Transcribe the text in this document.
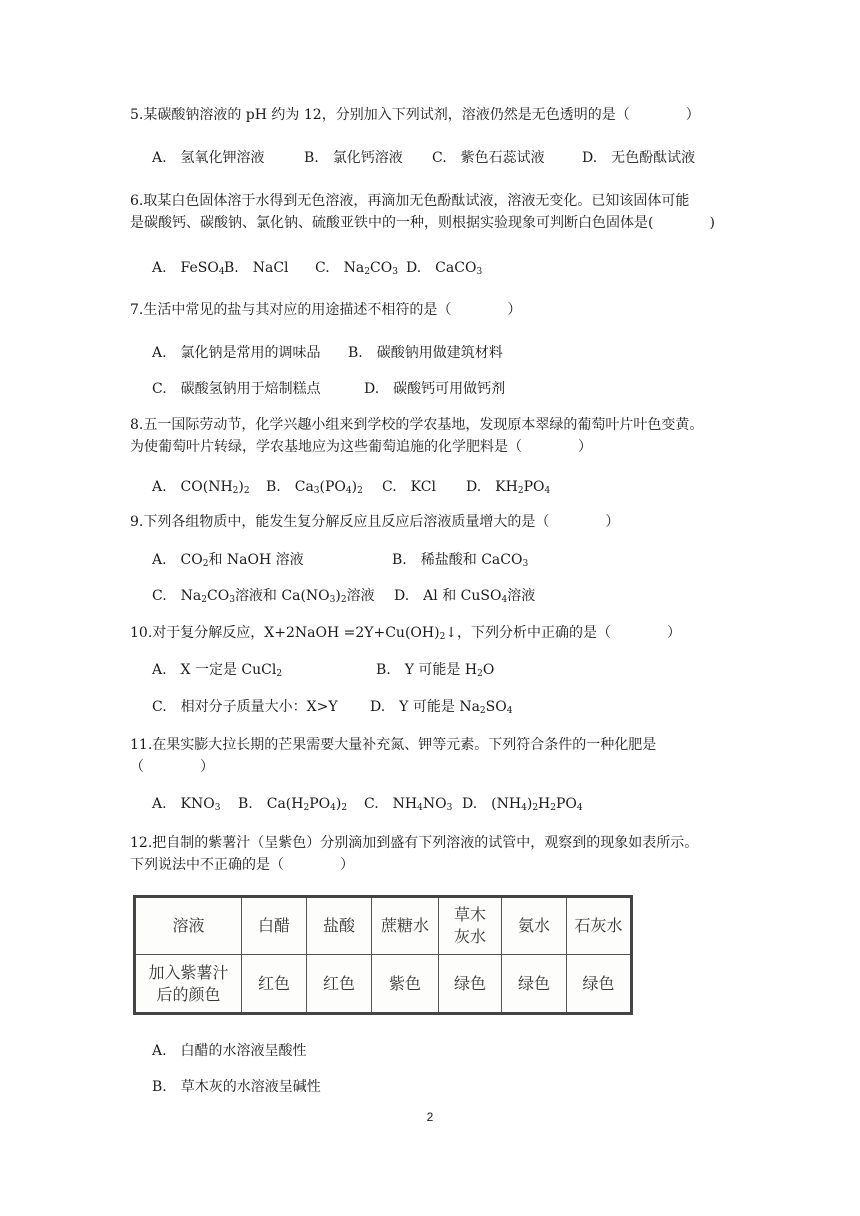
5.某碳酸钠溶液的 pH 约为 12，分别加入下列试剂，溶液仍然是无色透明的是（　　　　）
A.　氢氧化钾溶液	B.　氯化钙溶液 C.　紫色石蕊试液	D.　无色酚酞试液
6.取某白色固体溶于水得到无色溶液，再滴加无色酚酞试液，溶液无变化。已知该固体可能
是碳酸钙、碳酸钠、氯化钠、硫酸亚铁中的一种，则根据实验现象可判断白色固体是(　　　　)
A.　FeSO$_4$ B.　NaCl C.　$Na_2CO_3$ D.　CaCO$_3$
7.生活中常见的盐与其对应的用途描述不相符的是（　　　　）
A.　氯化钠是常用的调味品 B.　碳酸钠用做建筑材料
C.　碳酸氢钠用于焙制糕点	D.　碳酸钙可用做钙剂
8.五一国际劳动节，化学兴趣小组来到学校的学农基地，发现原本翠绿的葡萄叶片叶色变黄。
为使葡萄叶片转绿，学农基地应为这些葡萄追施的化学肥料是（　　　　）
A.　$CO(NH_2)_2$ B.　$Ca_3(PO_4)_2$ C.　KCl D.　$KH_2PO_4$
9.下列各组物质中，能发生复分解反应且反应后溶液质量增大的是（　　　　）
A.　$CO_2$和 NaOH 溶液	B.　稀盐酸和 CaCO$_3$
C.　$Na_2CO_3$溶液和 $Ca(NO_3)_2$溶液 D.　Al 和 CuSO$_4$溶液
10.对于复分解反应，X+2NaOH $=2Y+Cu(OH)_2↓$，下列分析中正确的是（　　　　）
A.　X 一定是 CuCl$_2$	B.　Y 可能是 $H_2O$
C.　相对分子质量大小：X>Y D.　Y 可能是 $Na_2SO_4$
11.在果实膨大拉长期的芒果需要大量补充氮、钾等元素。下列符合条件的一种化肥是
（　　　　）
A.　$KNO_3$ B.　$Ca(H_2PO_4)_2$ C.　$NH_4NO_3$ D.　$(NH_4)_2H_2PO_4$
12.把自制的紫薯汁（呈紫色）分别滴加到盛有下列溶液的试管中，观察到的现象如表所示。
下列说法中不正确的是（　　　　）
溶液	白醋	盐酸	蔗糖水	草木
灰水	氨水	石灰水
加入紫薯汁
后的颜色	红色	红色	紫色	绿色	绿色	绿色
A.　白醋的水溶液呈酸性
B.　草木灰的水溶液呈碱性
2
